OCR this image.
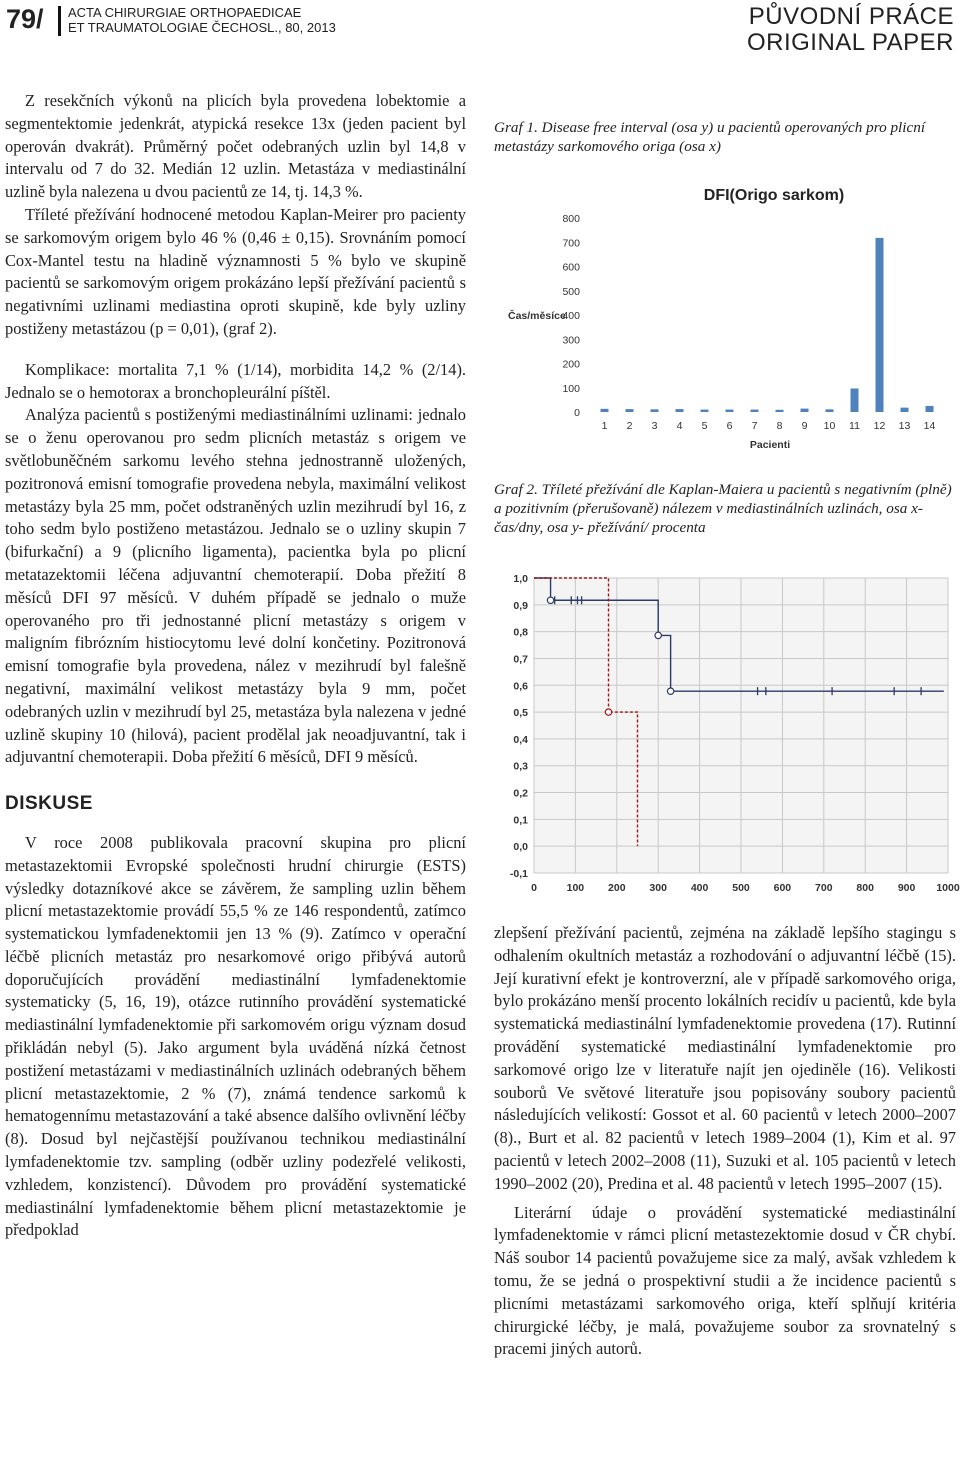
79/ ACTA CHIRURGIAE ORTHOPAEDICAE
ET TRAUMATOLOGIAE ČECHOSL., 80, 2013	PŮVODNÍ PRÁCE
ORIGINAL PAPER

Z resekčních výkonů na plicích byla provedena lobektomie a segmentektomie jedenkrát, atypická resekce 13x (jeden pacient byl operován dvakrát). Průměrný počet odebraných uzlin byl 14,8 v intervalu od 7 do 32. Medián 12 uzlin. Metastáza v mediastinální uzlině byla nalezena u dvou pacientů ze 14, tj. 14,3 %.

Tříleté přežívání hodnocené metodou Kaplan-Meirer pro pacienty se sarkomovým origem bylo 46 % (0,46 ± 0,15). Srovnáním pomocí Cox-Mantel testu na hladině významnosti 5 % bylo ve skupině pacientů se sarkomovým origem prokázáno lepší přežívání pacientů s negativními uzlinami mediastina oproti skupině, kde byly uzliny postiženy metastázou (p = 0,01), (graf 2).

Komplikace: mortalita 7,1 % (1/14), morbidita 14,2 % (2/14). Jednalo se o hemotorax a bronchopleurální píštěl.

Analýza pacientů s postiženými mediastinálními uzlinami: jednalo se o ženu operovanou pro sedm plicních metastáz s origem ve světlobuněčném sarkomu levého stehna jednostranně uložených, pozitronová emisní tomografie provedena nebyla, maximální velikost metastázy byla 25 mm, počet odstraněných uzlin mezihrudí byl 16, z toho sedm bylo postiženo metastázou. Jednalo se o uzliny skupin 7 (bifurkační) a 9 (plicního ligamenta), pacientka byla po plicní metatazektomii léčena adjuvantní chemoterapií. Doba přežití 8 měsíců DFI 97 měsíců. V duhém případě se jednalo o muže operovaného pro tři jednostanné plicní metastázy s origem v maligním fibrózním histiocytomu levé dolní končetiny. Pozitronová emisní tomografie byla provedena, nález v mezihrudí byl falešně negativní, maximální velikost metastázy byla 9 mm, počet odebraných uzlin v mezihrudí byl 25, metastáza byla nalezena v jedné uzlině skupiny 10 (hilová), pacient prodělal jak neoadjuvantní, tak i adjuvantní chemoterapii. Doba přežití 6 měsíců, DFI 9 měsíců.

DISKUSE

V roce 2008 publikovala pracovní skupina pro plicní metastazektomii Evropské společnosti hrudní chirurgie (ESTS) výsledky dotazníkové akce se závěrem, že sampling uzlin během plicní metastazektomie provádí 55,5 % ze 146 respondentů, zatímco systematickou lymfadenektomii jen 13 % (9). Zatímco v operační léčbě plicních metastáz pro nesarkomové origo přibývá autorů doporučujících provádění mediastinální lymfadenektomie systematicky (5, 16, 19), otázce rutinního provádění systematické mediastinální lymfadenektomie při sarkomovém origu význam dosud přikládán nebyl (5). Jako argument byla uváděná nízká četnost postižení metastázami v mediastinálních uzlinách odebraných během plicní metastazektomie, 2 % (7), známá tendence sarkomů k hematogennímu metastazování a také absence dalšího ovlivnění léčby (8). Dosud byl nejčastější používanou technikou mediastinální lymfadenektomie tzv. sampling (odběr uzliny podezřelé velikosti, vzhledem, konzistencí). Důvodem pro provádění systematické mediastinální lymfadenektomie během plicní metastazektomie je předpoklad

Graf 1. Disease free interval (osa y) u pacientů operovaných pro plicní metastázy sarkomového origa (osa x)
DFI(Origo sarkom)
Čas/měsíce
Pacienti
0
100
200
300
400
500
600
700
800
1 2 3 4 5 6 7 8 9 10 11 12 13 14
Graf 2. Tříleté přežívání dle Kaplan-Maiera u pacientů s negativním (plně) a pozitivním (přerušovaně) nálezem v mediastinálních uzlinách, osa x-čas/dny, osa y- přežívání/ procenta
-0,1
0,0
0,1
0,2
0,3
0,4
0,5
0,6
0,7
0,8
0,9
1,0
0	100 200 300 400 500 600 700 800 900 1000

zlepšení přežívání pacientů, zejména na základě lepšího stagingu s odhalením okultních metastáz a rozhodování o adjuvantní léčbě (15). Její kurativní efekt je kontroverzní, ale v případě sarkomového origa, bylo prokázáno menší procento lokálních recidív u pacientů, kde byla systematická mediastinální lymfadenektomie provedena (17). Rutinní provádění systematické mediastinální lymfadenektomie pro sarkomové origo lze v literatuře najít jen ojediněle (16). Velikosti souborů Ve světové literatuře jsou popisovány soubory pacientů následujících velikostí: Gossot et al. 60 pacientů v letech 2000–2007 (8)., Burt et al. 82 pacientů v letech 1989–2004 (1), Kim et al. 97 pacientů v letech 2002–2008 (11), Suzuki et al. 105 pacientů v letech 1990–2002 (20), Predina et al. 48 pacientů v letech 1995–2007 (15).

Literární údaje o provádění systematické mediastinální lymfadenektomie v rámci plicní metastezektomie dosud v ČR chybí. Náš soubor 14 pacientů považujeme sice za malý, avšak vzhledem k tomu, že se jedná o prospektivní studii a že incidence pacientů s plicními metastázami sarkomového origa, kteří splňují kritéria chirurgické léčby, je malá, považujeme soubor za srovnatelný s pracemi jiných autorů.
